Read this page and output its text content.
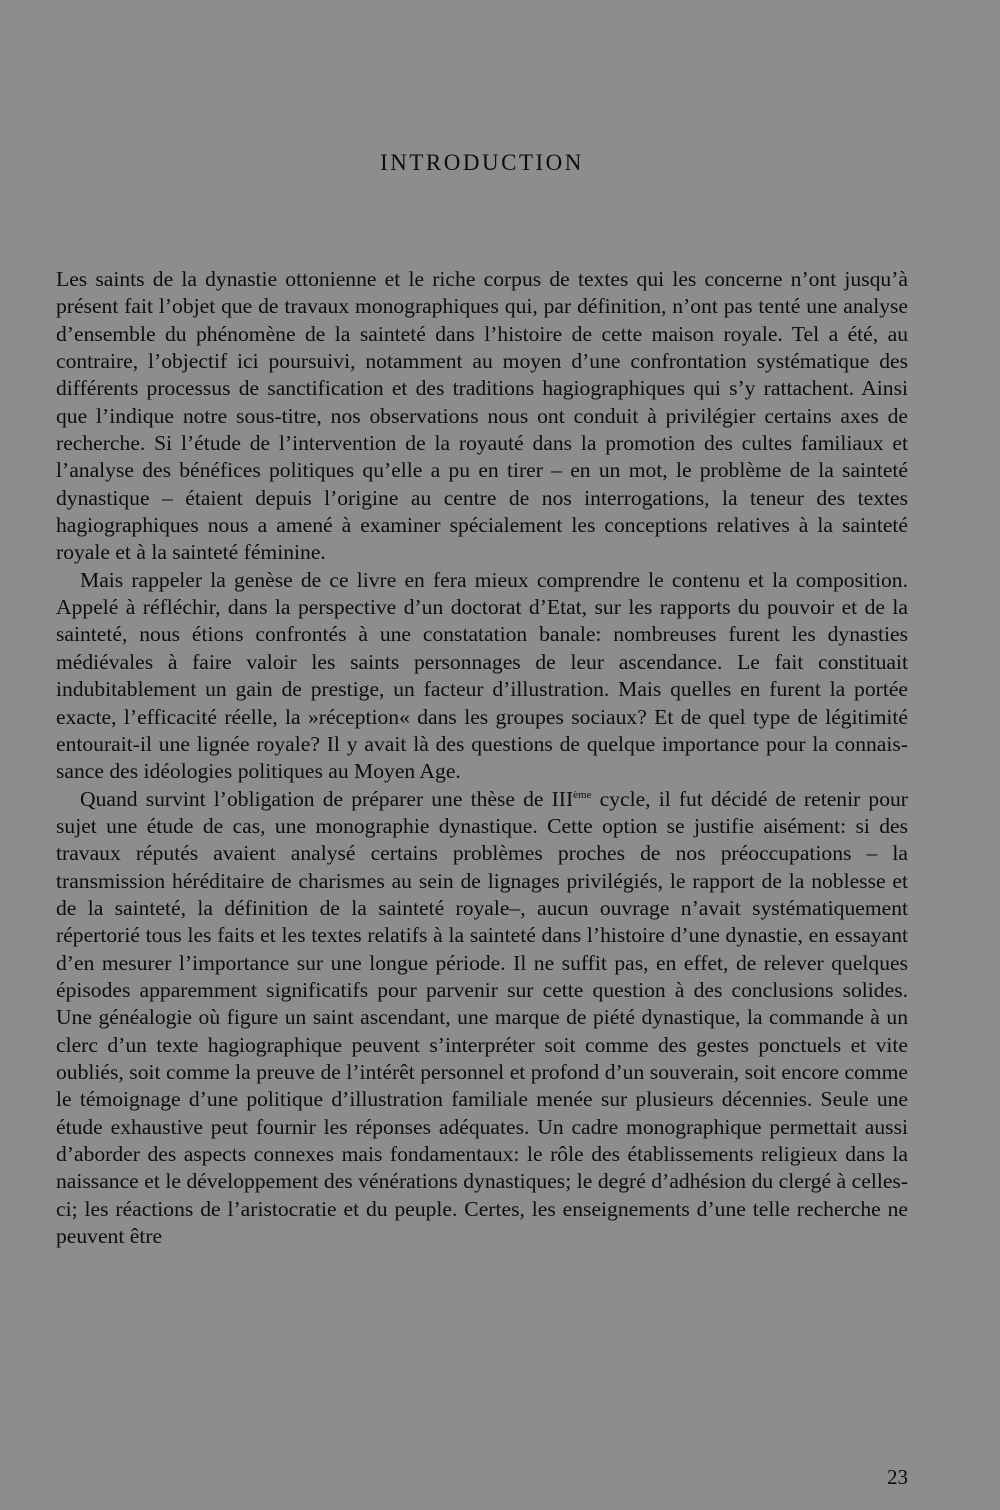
INTRODUCTION

Les saints de la dynastie ottonienne et le riche corpus de textes qui les concerne n’ont jusqu’à présent fait l’objet que de travaux monographiques qui, par définition, n’ont pas tenté une analyse d’ensemble du phénomène de la sainteté dans l’histoire de cette maison royale. Tel a été, au contraire, l’objectif ici poursuivi, notamment au moyen d’une confrontation systématique des différents processus de sanctification et des traditions hagiographiques qui s’y rattachent. Ainsi que l’indique notre sous-titre, nos observations nous ont conduit à privilégier certains axes de recherche. Si l’étude de l’intervention de la royauté dans la promotion des cultes familiaux et l’analyse des bénéfices politiques qu’elle a pu en tirer – en un mot, le problème de la sainteté dynastique – étaient depuis l’origine au centre de nos interrogations, la teneur des textes hagiographiques nous a amené à examiner spécialement les conceptions relatives à la sainteté royale et à la sainteté féminine.

Mais rappeler la genèse de ce livre en fera mieux comprendre le contenu et la composition. Appelé à réfléchir, dans la perspective d’un doctorat d’Etat, sur les rapports du pouvoir et de la sainteté, nous étions confrontés à une constatation banale: nombreuses furent les dynasties médiévales à faire valoir les saints personnages de leur ascendance. Le fait constituait indubitablement un gain de prestige, un facteur d’illustration. Mais quelles en furent la portée exacte, l’efficacité réelle, la »réception« dans les groupes sociaux? Et de quel type de légitimité entourait-il une lignée royale? Il y avait là des questions de quelque importance pour la connaissance des idéologies politiques au Moyen Age.

Quand survint l’obligation de préparer une thèse de IIIème cycle, il fut décidé de retenir pour sujet une étude de cas, une monographie dynastique. Cette option se justifie aisément: si des travaux réputés avaient analysé certains problèmes proches de nos préoccupations – la transmission héréditaire de charismes au sein de lignages privilégiés, le rapport de la noblesse et de la sainteté, la définition de la sainteté royale–, aucun ouvrage n’avait systématiquement répertorié tous les faits et les textes relatifs à la sainteté dans l’histoire d’une dynastie, en essayant d’en mesurer l’importance sur une longue période. Il ne suffit pas, en effet, de relever quelques épisodes apparemment significatifs pour parvenir sur cette question à des conclusions solides. Une généalogie où figure un saint ascendant, une marque de piété dynastique, la commande à un clerc d’un texte hagiographique peuvent s’interpréter soit comme des gestes ponctuels et vite oubliés, soit comme la preuve de l’intérêt personnel et profond d’un souverain, soit encore comme le témoignage d’une politique d’illustration familiale menée sur plusieurs décennies. Seule une étude exhaustive peut fournir les réponses adéquates. Un cadre monographique permettait aussi d’aborder des aspects connexes mais fondamentaux: le rôle des établissements religieux dans la naissance et le développement des vénérations dynastiques; le degré d’adhésion du clergé à celles-ci; les réactions de l’aristocratie et du peuple. Certes, les enseignements d’une telle recherche ne peuvent être

23
